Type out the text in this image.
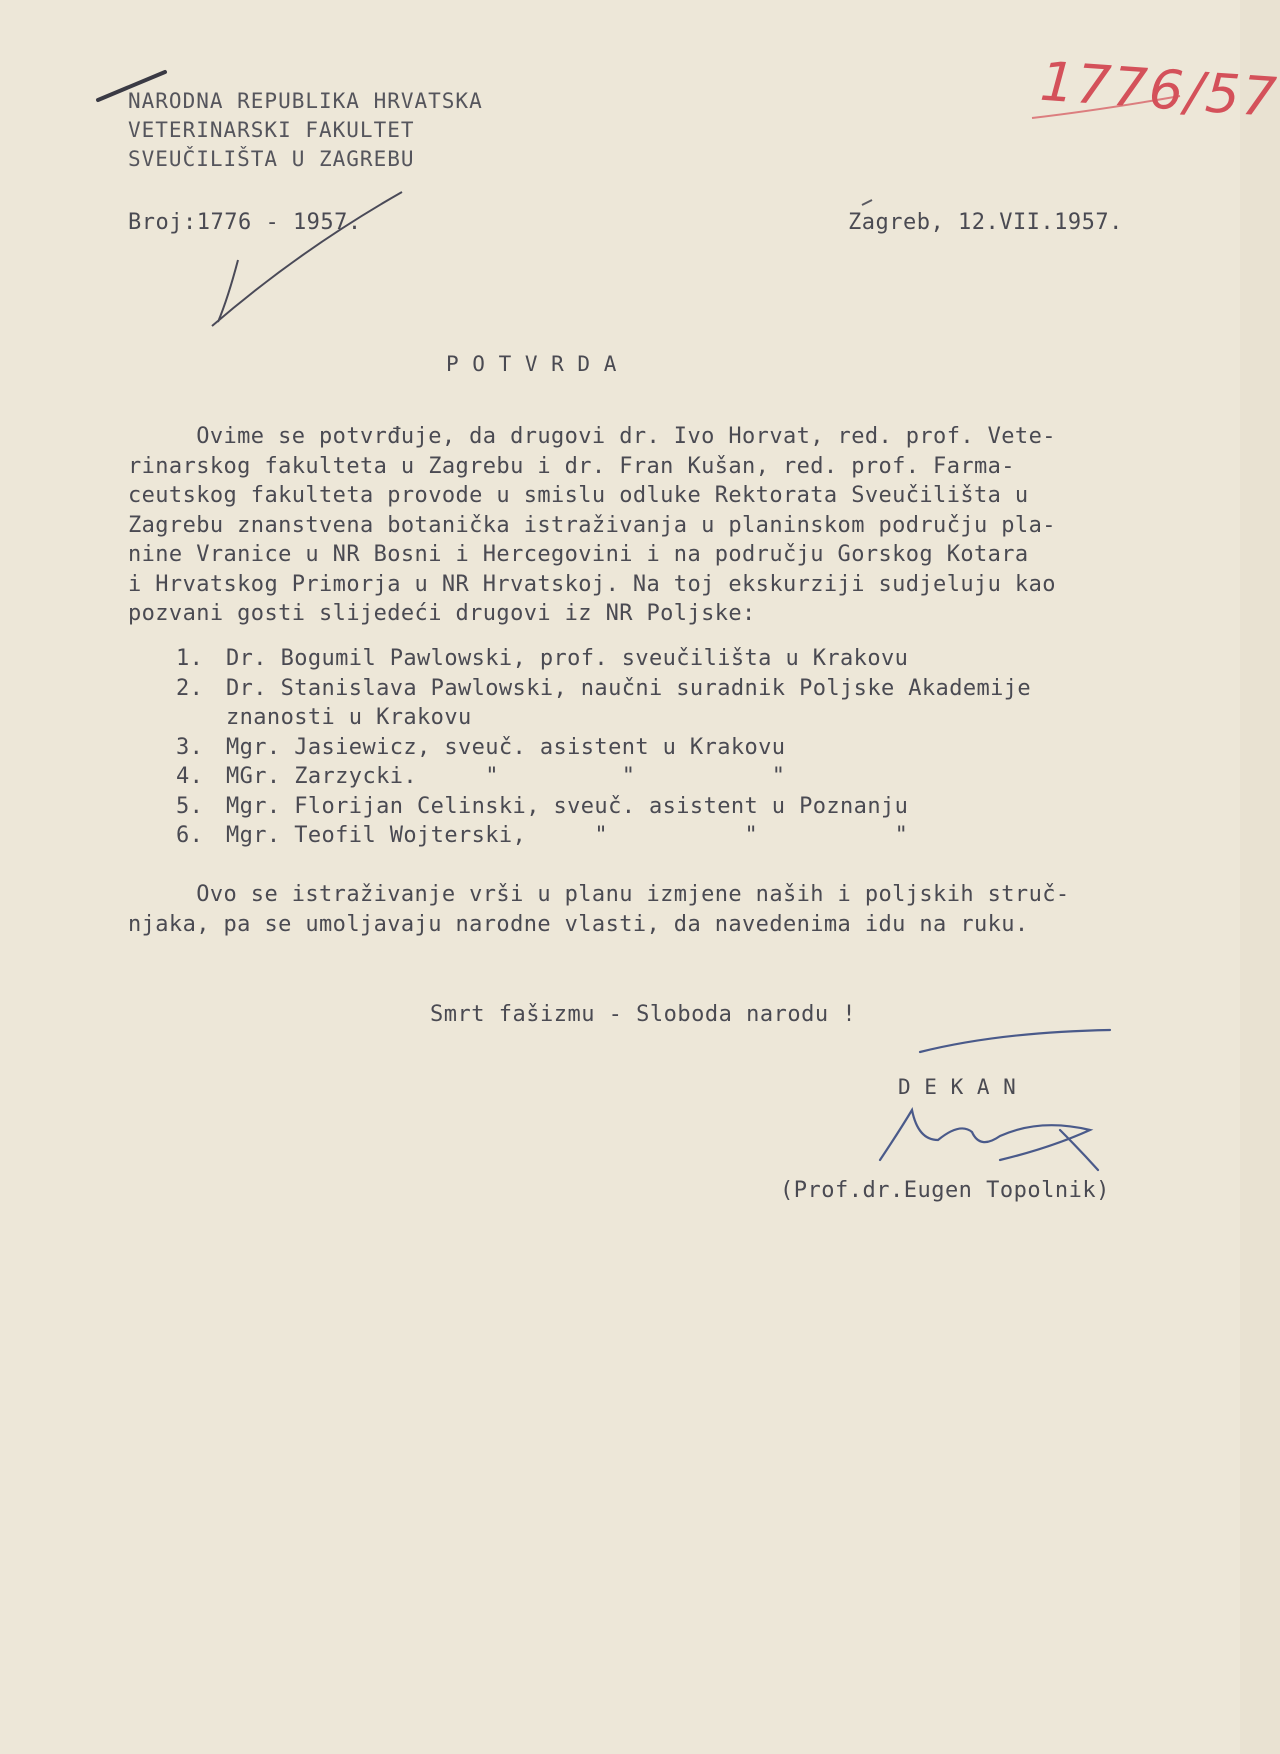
NARODNA REPUBLIKA HRVATSKA
VETERINARSKI FAKULTET
SVEUČILIŠTA U ZAGREBU
1776/57
Broj:1776 - 1957.	Zagreb, 12.VII.1957.
P O T V R D A
Ovime se potvrđuje, da drugovi dr. Ivo Horvat, red. prof. Vete-
rinarskog fakulteta u Zagrebu i dr. Fran Kušan, red. prof. Farma-
ceutskog fakulteta provode u smislu odluke Rektorata Sveučilišta u
Zagrebu znanstvena botanička istraživanja u planinskom području pla-
nine Vranice u NR Bosni i Hercegovini i na području Gorskog Kotara
i Hrvatskog Primorja u NR Hrvatskoj. Na toj ekskurziji sudjeluju kao
pozvani gosti slijedeći drugovi iz NR Poljske:
1. Dr. Bogumil Pawlowski, prof. sveučilišta u Krakovu
2. Dr. Stanislava Pawlowski, naučni suradnik Poljske Akademije
znanosti u Krakovu
3. Mgr. Jasiewicz, sveuč. asistent u Krakovu
4. MGr. Zarzycki.     "         "          "
5. Mgr. Florijan Celinski, sveuč. asistent u Poznanju
6. Mgr. Teofil Wojterski,     "          "          "
Ovo se istraživanje vrši u planu izmjene naših i poljskih struč-
njaka, pa se umoljavaju narodne vlasti, da navedenima idu na ruku.
Smrt fašizmu - Sloboda narodu !
D E K A N
(Prof.dr.Eugen Topolnik)
